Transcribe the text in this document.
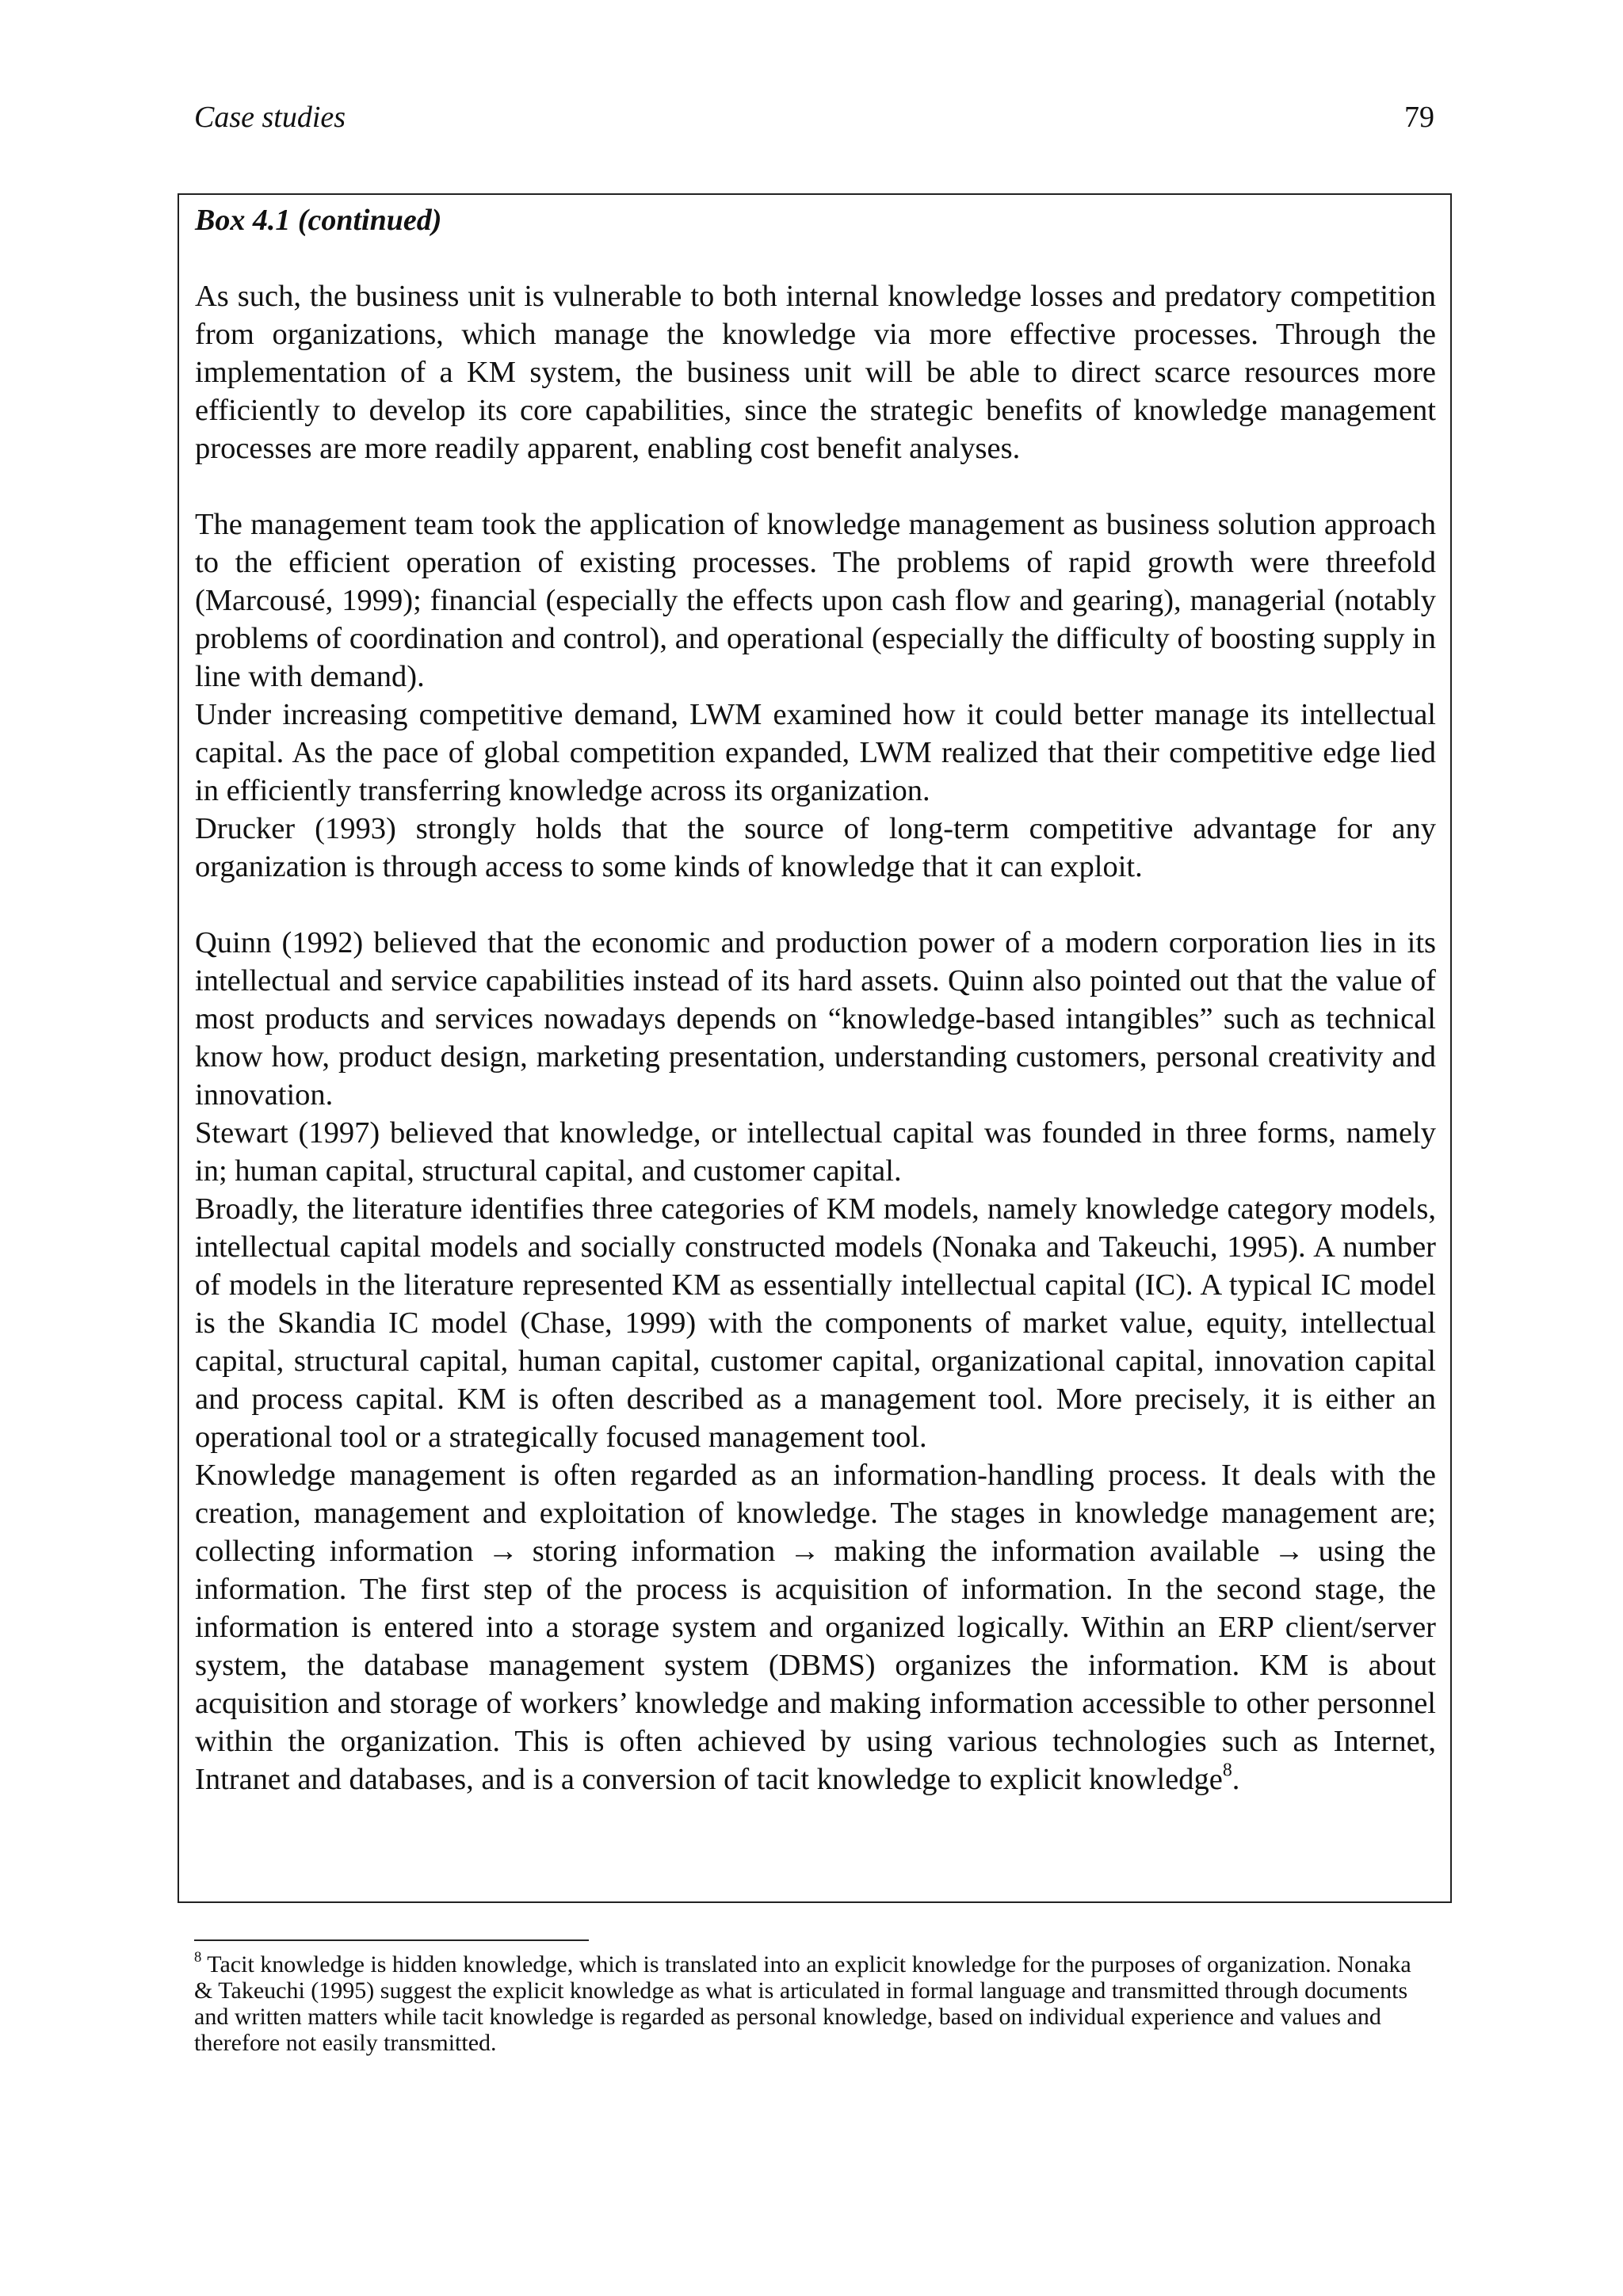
Case studies	79
Box 4.1 (continued)

As such, the business unit is vulnerable to both internal knowledge losses and predatory competition from organizations, which manage the knowledge via more effective processes. Through the implementation of a KM system, the business unit will be able to direct scarce resources more efficiently to develop its core capabilities, since the strategic benefits of knowledge management processes are more readily apparent, enabling cost benefit analyses.

The management team took the application of knowledge management as business solution approach to the efficient operation of existing processes. The problems of rapid growth were threefold (Marcousé, 1999); financial (especially the effects upon cash flow and gearing), managerial (notably problems of coordination and control), and operational (especially the difficulty of boosting supply in line with demand).

Under increasing competitive demand, LWM examined how it could better manage its intellectual capital. As the pace of global competition expanded, LWM realized that their competitive edge lied in efficiently transferring knowledge across its organization.

Drucker (1993) strongly holds that the source of long-term competitive advantage for any organization is through access to some kinds of knowledge that it can exploit.

Quinn (1992) believed that the economic and production power of a modern corporation lies in its intellectual and service capabilities instead of its hard assets. Quinn also pointed out that the value of most products and services nowadays depends on “knowledge-based intangibles” such as technical know how, product design, marketing presentation, understanding customers, personal creativity and innovation.

Stewart (1997) believed that knowledge, or intellectual capital was founded in three forms, namely in; human capital, structural capital, and customer capital.

Broadly, the literature identifies three categories of KM models, namely knowledge category models, intellectual capital models and socially constructed models (Nonaka and Takeuchi, 1995). A number of models in the literature represented KM as essentially intellectual capital (IC). A typical IC model is the Skandia IC model (Chase, 1999) with the components of market value, equity, intellectual capital, structural capital, human capital, customer capital, organizational capital, innovation capital and process capital. KM is often described as a management tool. More precisely, it is either an operational tool or a strategically focused management tool.

Knowledge management is often regarded as an information-handling process. It deals with the creation, management and exploitation of knowledge. The stages in knowledge management are; collecting information → storing information → making the information available → using the information. The first step of the process is acquisition of information. In the second stage, the information is entered into a storage system and organized logically. Within an ERP client/server system, the database management system (DBMS) organizes the information. KM is about acquisition and storage of workers’ knowledge and making information accessible to other personnel within the organization. This is often achieved by using various technologies such as Internet, Intranet and databases, and is a conversion of tacit knowledge to explicit knowledge$^8$.

$^8$ Tacit knowledge is hidden knowledge, which is translated into an explicit knowledge for the purposes of organization. Nonaka & Takeuchi (1995) suggest the explicit knowledge as what is articulated in formal language and transmitted through documents and written matters while tacit knowledge is regarded as personal knowledge, based on individual experience and values and therefore not easily transmitted.
